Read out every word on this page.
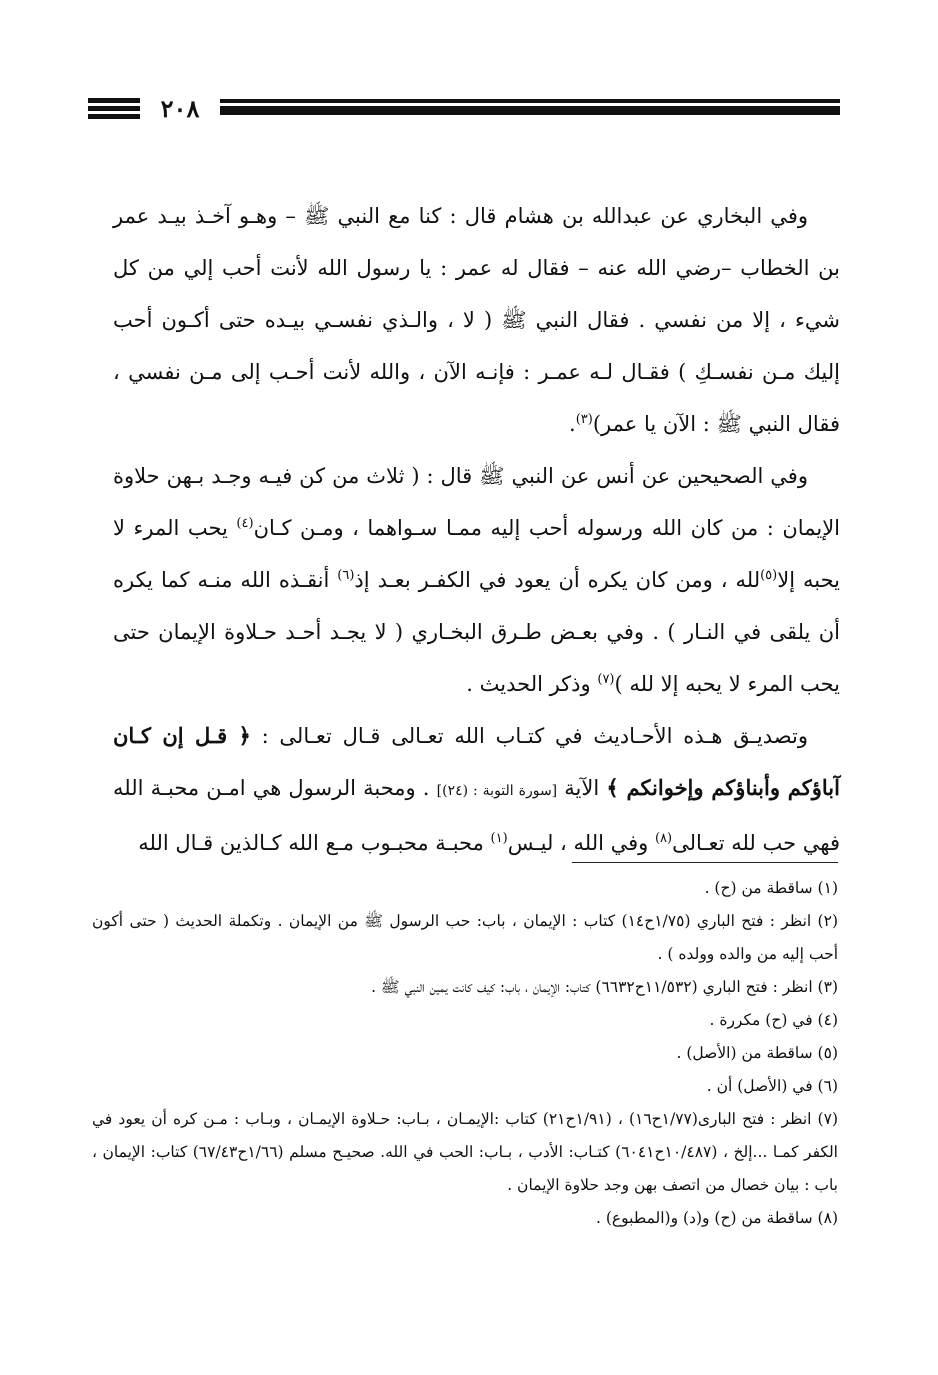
٢٠٨

وفي البخاري عن عبدالله بن هشام قال : كنا مع النبي ﷺ – وهـو آخـذ بيـد عمر بن الخطاب –رضي الله عنه – فقال له عمر : يا رسول الله لأنت أحب إلي من كل شيء ، إلا من نفسي . فقال النبي ﷺ ( لا ، والـذي نفسـي بيـده حتى أكـون أحب إليك مـن نفسـكِ ) فقـال لـه عمـر : فإنـه الآن ، والله لأنت أحـب إلى مـن نفسي ، فقال النبي ﷺ : الآن يا عمر)$^{(٣)}$.

وفي الصحيحين عن أنس عن النبي ﷺ قال : ( ثلاث من كن فيـه وجـد بـهن حلاوة الإيمان : من كان الله ورسوله أحب إليه ممـا سـواهما ، ومـن كـان$^{(٤)}$ يحب المرء لا يحبه إلا$^{(٥)}$لله ، ومن كان يكره أن يعود في الكفـر بعـد إذ$^{(٦)}$ أنقـذه الله منـه كما يكره أن يلقى في النـار ) . وفي بعـض طـرق البخـاري ( لا يجـد أحـد حـلاوة الإيمان حتى يحب المرء لا يحبه إلا لله )$^{(٧)}$ وذكر الحديث .

وتصديـق هـذه الأحـاديث في كتـاب الله تعـالى قـال تعـالى : ﴿ قـل إن كـان آباؤكم وأبناؤكم وإخوانكم ﴾ الآية [سورة التوبة : (٢٤)] . ومحبة الرسول هي امـن محبـة الله فهي حب لله تعـالى$^{(٨)}$ وفي الله ، ليـس$^{(١)}$ محبـة محبـوب مـع الله كـالذين قـال الله

(١) ساقطة من (ح) .

(٢) انظر : فتح الباري (١/٧٥ح١٤) كتاب : الإيمان ، باب: حب الرسول ﷺ من الإيمان . وتكملة الحديث ( حتى أكون أحب إليه من والده وولده ) .

(٣) انظر : فتح الباري (١١/٥٣٢ح٦٦٣٢) كتاب: الإيمان ، باب: كيف كانت يمين النبي ﷺ .

(٤) في (ح) مكررة .

(٥) ساقطة من (الأصل) .

(٦) في (الأصل) أن .

(٧) انظر : فتح البارى(١/٧٧ح١٦) ، (١/٩١ح٢١) كتاب :الإيمـان ، بـاب: حـلاوة الإيمـان ، وبـاب : مـن كره أن يعود في الكفر كمـا ...إلخ ، (١٠/٤٨٧ح٦٠٤١) كتـاب: الأدب ، بـاب: الحب في الله. صحيـح مسلم (١/٦٦ح٦٧/٤٣) كتاب: الإيمان ، باب : بيان خصال من اتصف بهن وجد حلاوة الإيمان .

(٨) ساقطة من (ح) و(د) و(المطبوع) .
